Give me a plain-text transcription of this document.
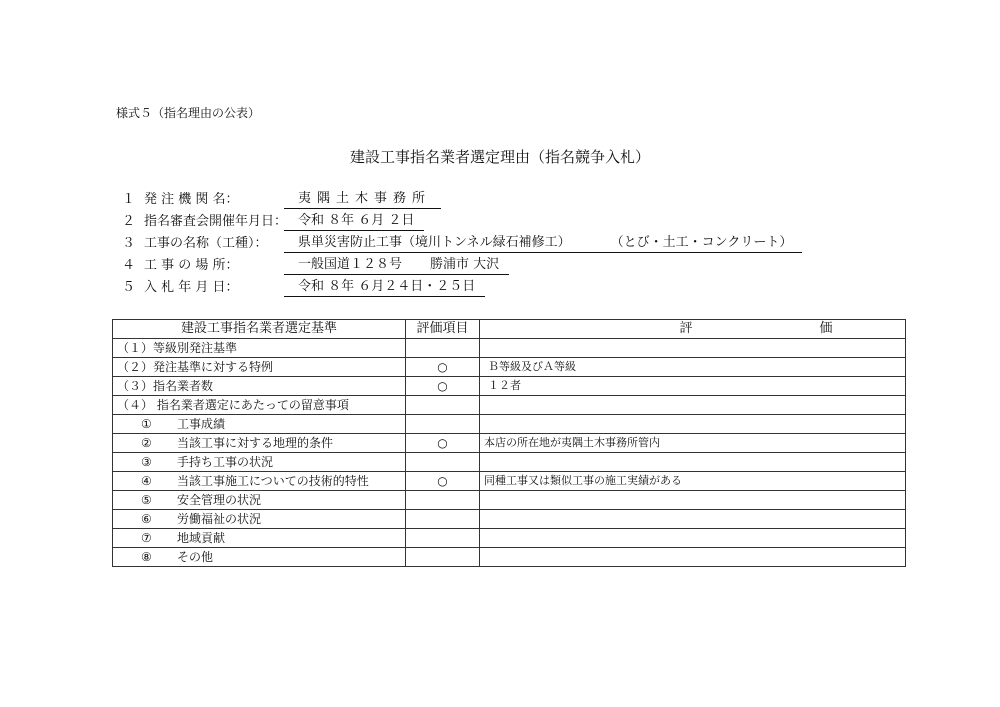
様式５（指名理由の公表）
建設工事指名業者選定理由（指名競争入札）
１ 発 注 機 関 名：	夷隅土木事務所
２ 指名審査会開催年月日： 令和 ８年 ６月 ２日
３ 工事の名称（工種）：	県単災害防止工事（境川トンネル緑石補修工）	（とび・土工・コンクリート）
４ 工 事 の 場 所：	一般国道１２８号 勝浦市 大沢
５ 入 札 年 月 日：	令和 ８年 ６月２４日・２５日
建設工事指名業者選定基準	評価項目	評 価
（１）等級別発注基準		
（２）発注基準に対する特例	○	Ｂ等級及びＡ等級
（３）指名業者数	○	１２者
（４） 指名業者選定にあたっての留意事項		
① 工事成績		
② 当該工事に対する地理的条件	○	本店の所在地が夷隅土木事務所管内
③ 手持ち工事の状況		
④ 当該工事施工についての技術的特性	○	同種工事又は類似工事の施工実績がある
⑤ 安全管理の状況		
⑥ 労働福祉の状況		
⑦ 地域貢献		
⑧ その他		
